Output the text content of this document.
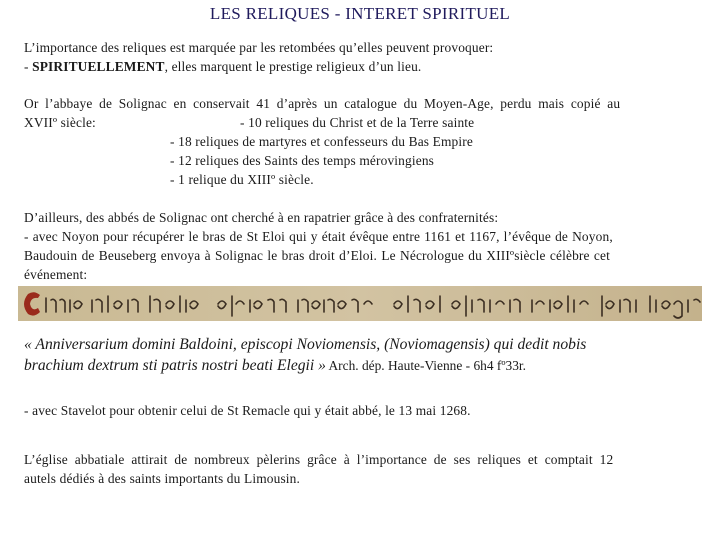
LES RELIQUES - INTERET SPIRITUEL
L’importance des reliques est marquée par les retombées qu’elles peuvent provoquer:
- SPIRITUELLEMENT, elles marquent le prestige religieux d’un lieu.
Or l’abbaye de Solignac en conservait 41 d’après un catalogue du Moyen-Age, perdu mais copié au
XVIIº siècle:	- 10 reliques du Christ et de la Terre sainte
- 18 reliques de martyres et confesseurs du Bas Empire
- 12 reliques des Saints des temps mérovingiens
- 1 relique du XIIIº siècle.
D’ailleurs, des abbés de Solignac ont cherché à en rapatrier grâce à des confraternités:
- avec Noyon pour récupérer le bras de St Eloi qui y était évêque entre 1161 et 1167, l’évêque de Noyon,
Baudouin de Beuseberg envoya à Solignac le bras droit d’Eloi. Le Nécrologue du XIIIºsiècle célèbre cet
événement:
« Anniversarium domini Baldoini, episcopi Noviomensis, (Noviomagensis) qui dedit nobis
brachium dextrum sti patris nostri beati Elegii » Arch. dép. Haute-Vienne - 6h4 fº33r.
- avec Stavelot pour obtenir celui de St Remacle qui y était abbé, le 13 mai 1268.
L’église abbatiale attirait de nombreux pèlerins grâce à l’importance de ses reliques et comptait 12
autels dédiés à des saints importants du Limousin.
